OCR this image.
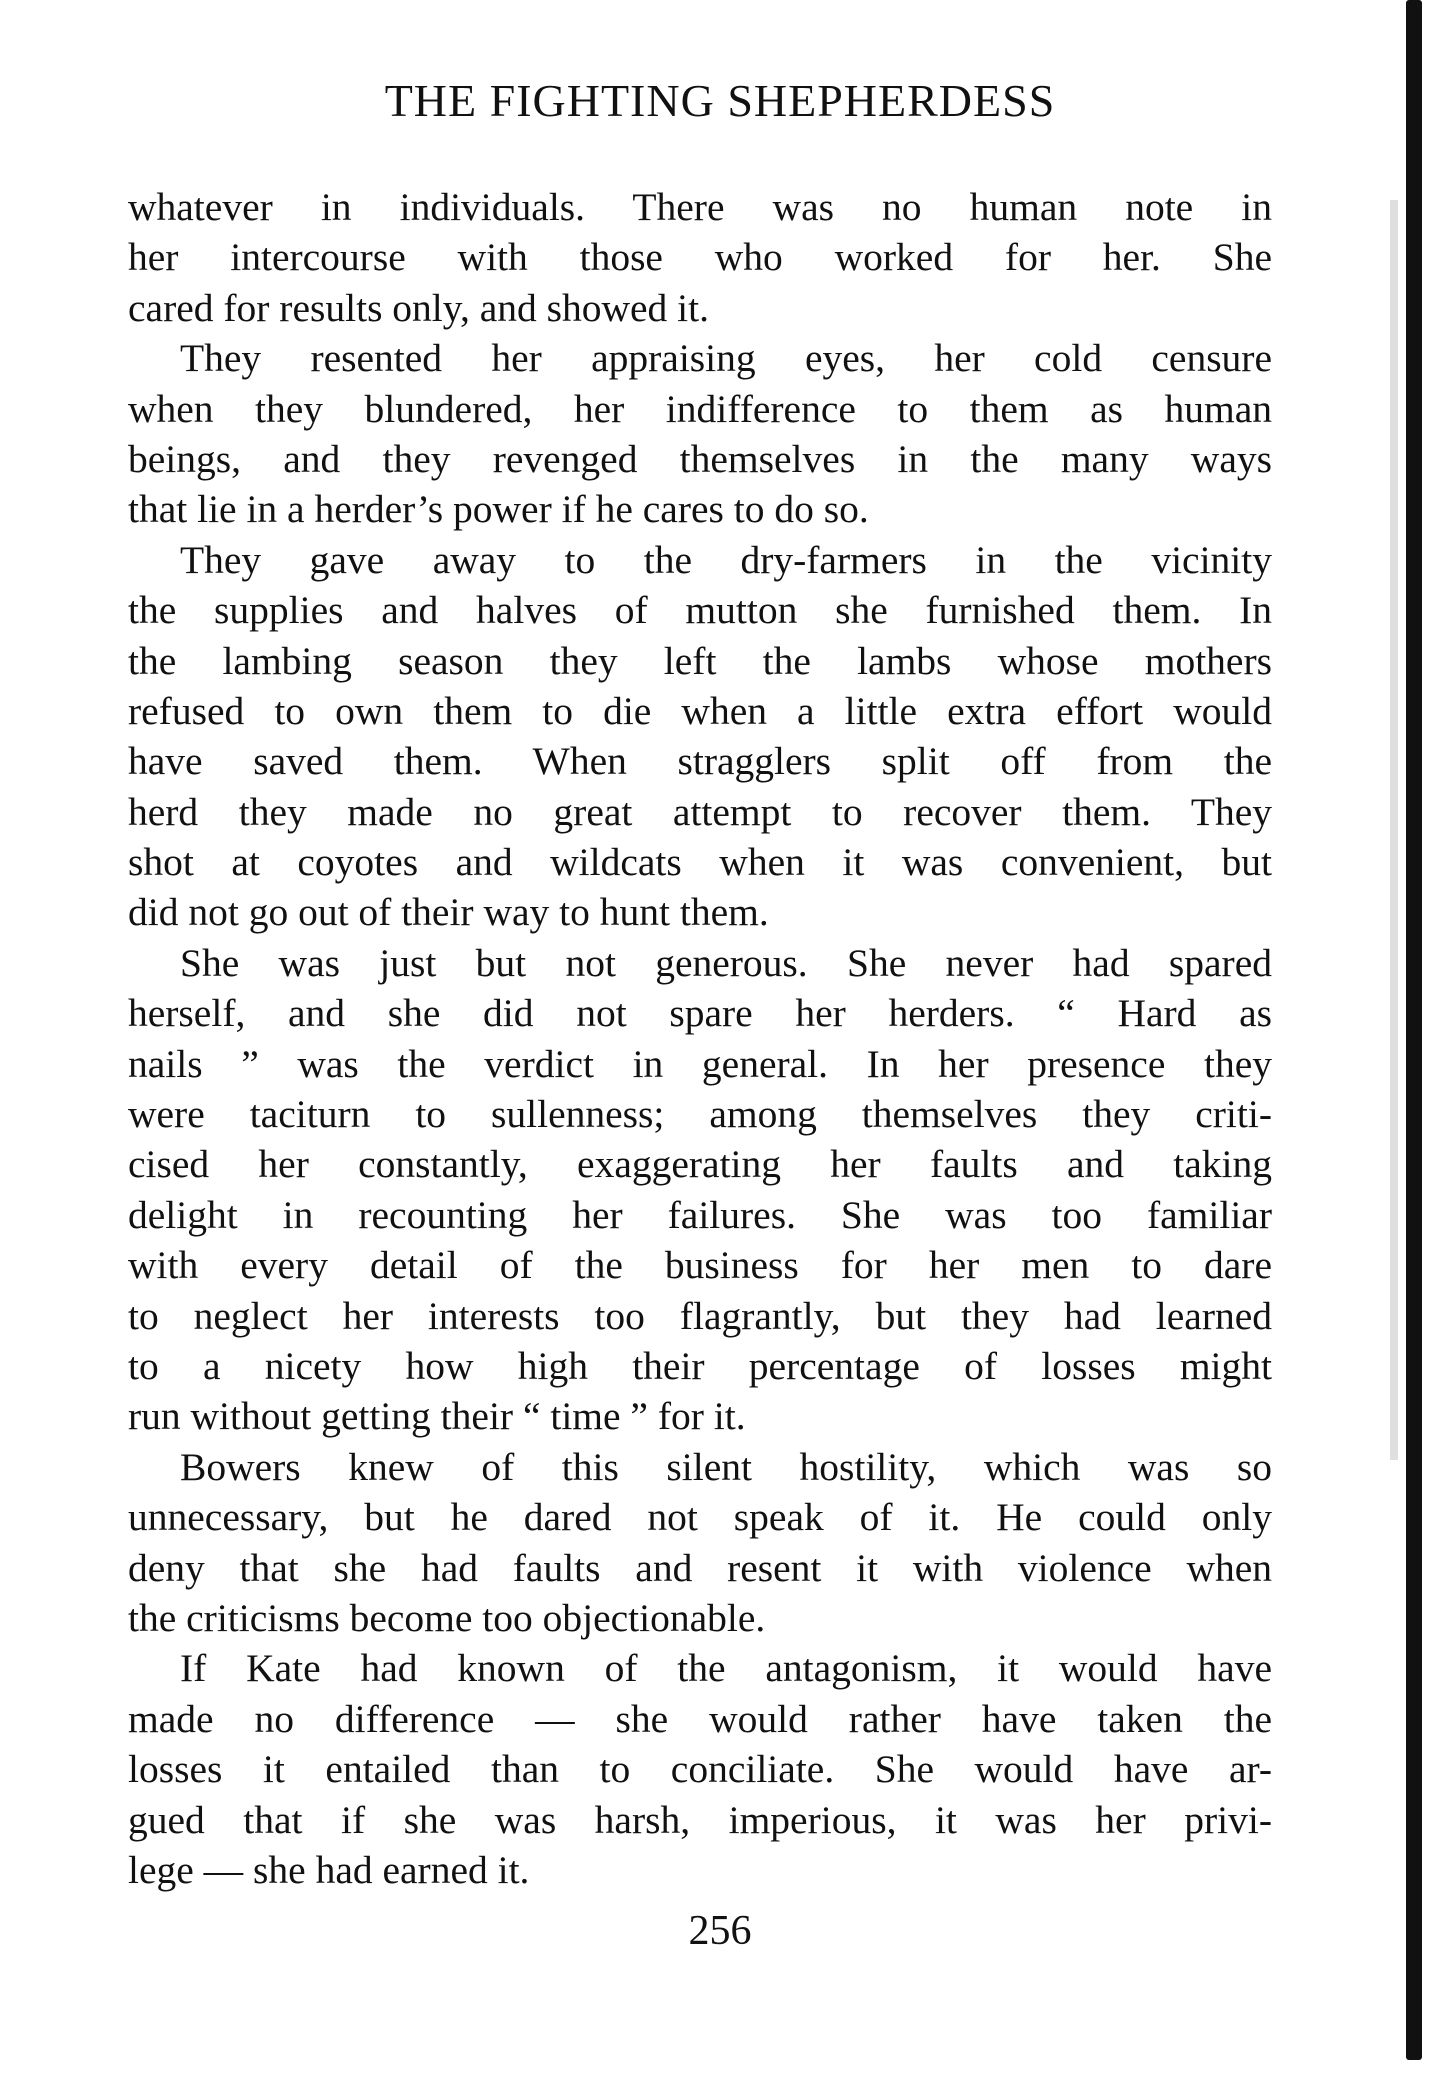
THE FIGHTING SHEPHERDESS
whatever in individuals. There was no human note in
her intercourse with those who worked for her. She
cared for results only, and showed it.
They resented her appraising eyes, her cold censure
when they blundered, her indifference to them as human
beings, and they revenged themselves in the many ways
that lie in a herder’s power if he cares to do so.
They gave away to the dry-farmers in the vicinity
the supplies and halves of mutton she furnished them. In
the lambing season they left the lambs whose mothers
refused to own them to die when a little extra effort would
have saved them. When stragglers split off from the
herd they made no great attempt to recover them. They
shot at coyotes and wildcats when it was convenient, but
did not go out of their way to hunt them.
She was just but not generous. She never had spared
herself, and she did not spare her herders. “ Hard as
nails ” was the verdict in general. In her presence they
were taciturn to sullenness; among themselves they criti-
cised her constantly, exaggerating her faults and taking
delight in recounting her failures. She was too familiar
with every detail of the business for her men to dare
to neglect her interests too flagrantly, but they had learned
to a nicety how high their percentage of losses might
run without getting their “ time ” for it.
Bowers knew of this silent hostility, which was so
unnecessary, but he dared not speak of it. He could only
deny that she had faults and resent it with violence when
the criticisms become too objectionable.
If Kate had known of the antagonism, it would have
made no difference — she would rather have taken the
losses it entailed than to conciliate. She would have ar-
gued that if she was harsh, imperious, it was her privi-
lege — she had earned it.
256
